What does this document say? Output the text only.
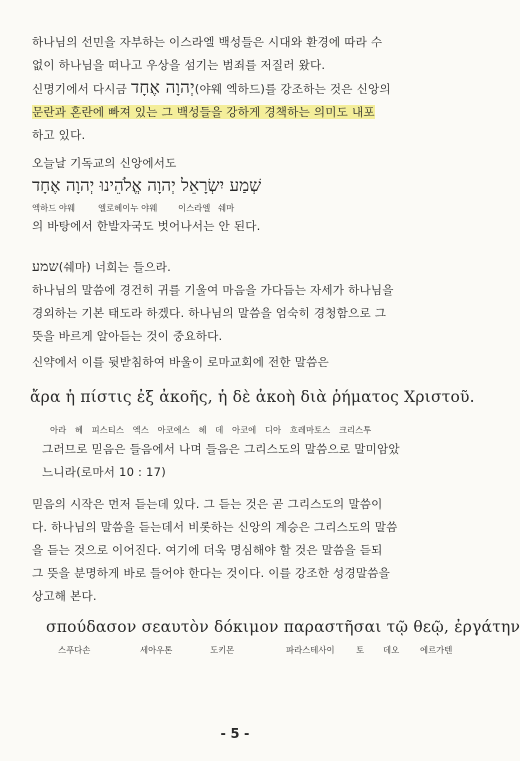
하나님의 선민을 자부하는 이스라엘 백성들은 시대와 환경에 따라 수
없이 하나님을 떠나고 우상을 섬기는 범죄를 저질러 왔다.
신명기에서 다시금 יְהוָה אֶחָד(야웨 엑하드)를 강조하는 것은 신앙의
문란과 혼란에 빠져 있는 그 백성들을 강하게 경책하는 의미도 내포
하고 있다.
오늘날 기독교의 신앙에서도
שְׁמַע יִשְׂרָאֵל יְהוָה אֱלֹהֵינוּ יְהוָה אֶחָד
엑하드 야웨	엘로헤이누 야웨 이스라엘 쉐마
의 바탕에서 한발자국도 벗어나서는 안 된다.
שמע(쉐마) 너희는 들으라.
하나님의 말씀에 경건히 귀를 기울여 마음을 가다듬는 자세가 하나님을
경외하는 기본 태도라 하겠다. 하나님의 말씀을 엄숙히 경청함으로 그
뜻을 바르게 알아듣는 것이 중요하다.
신약에서 이를 뒷받침하여 바울이 로마교회에 전한 말씀은
ἄρα ἡ πίστις ἐξ ἀκοῆς, ἡ δὲ ἀκοὴ διὰ ῥήματος Χριστοῦ.
아라 헤 피스티스 엑스 아코에스 헤 데 아코에 디아 흐레마토스 크리스투
그러므로 믿음은 들음에서 나며 들음은 그리스도의 말씀으로 말미암았
느니라(로마서 10 : 17)
믿음의 시작은 먼저 듣는데 있다. 그 듣는 것은 곧 그리스도의 말씀이
다. 하나님의 말씀을 듣는데서 비롯하는 신앙의 계승은 그리스도의 말씀
을 듣는 것으로 이어진다. 여기에 더욱 명심해야 할 것은 말씀을 듣되
그 뜻을 분명하게 바로 들어야 한다는 것이다. 이를 강조한 성경말씀을
상고해 본다.
σπούδασον σεαυτὸν δόκιμον παραστῆσαι τῷ θεῷ, ἐργάτην
스푸다손	세아우톤	도키몬	파라스테사이	토 데오 에르가텐
- 5 -
